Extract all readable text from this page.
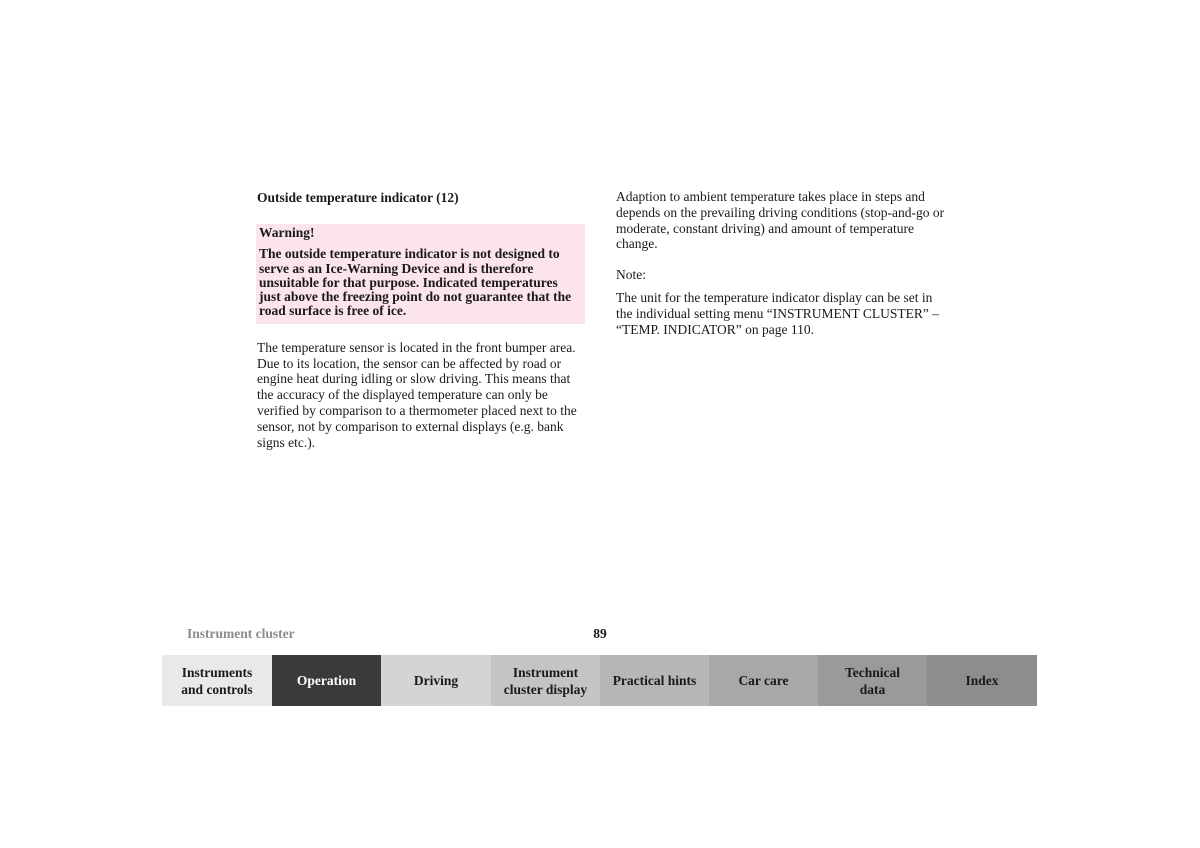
Outside temperature indicator (12)

Warning!

The outside temperature indicator is not designed to serve as an Ice-Warning Device and is therefore unsuitable for that purpose. Indicated temperatures just above the freezing point do not guarantee that the road surface is free of ice.

The temperature sensor is located in the front bumper area. Due to its location, the sensor can be affected by road or engine heat during idling or slow driving. This means that the accuracy of the displayed temperature can only be verified by comparison to a thermometer placed next to the sensor, not by comparison to external displays (e.g. bank signs etc.).

Adaption to ambient temperature takes place in steps and depends on the prevailing driving conditions (stop-and-go or moderate, constant driving) and amount of temperature change.

Note:

The unit for the temperature indicator display can be set in the individual setting menu “INSTRUMENT CLUSTER” – “TEMP. INDICATOR” on page 110.

Instrument cluster	89
Instruments
and controls
Operation	Driving
Instrument
cluster display
Practical hints	Car care
Technical
data
Index
